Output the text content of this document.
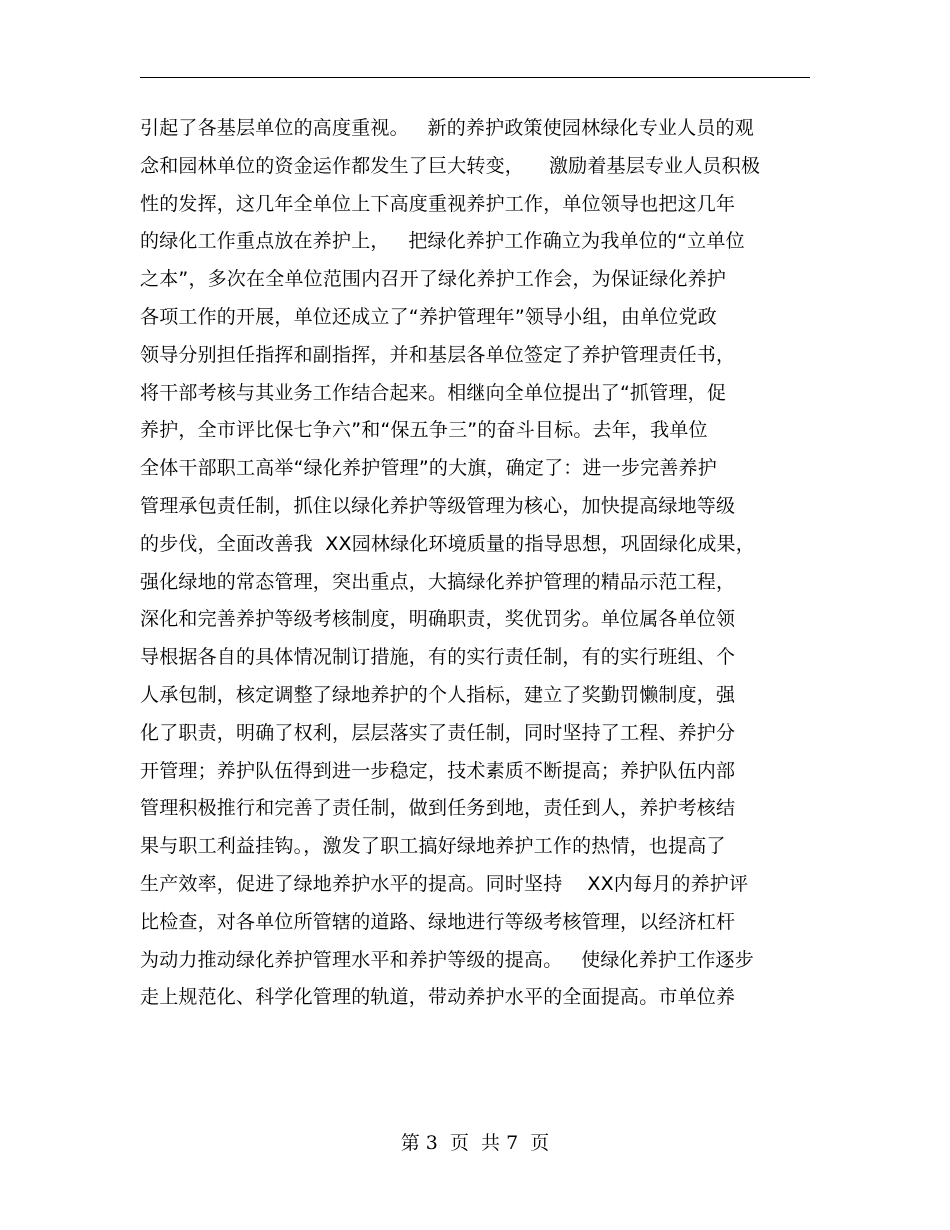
引起了各基层单位的高度重视。   新的养护政策使园林绿化专业人员的观
念和园林单位的资金运作都发生了巨大转变，    激励着基层专业人员积极
性的发挥，这几年全单位上下高度重视养护工作，单位领导也把这几年
的绿化工作重点放在养护上，   把绿化养护工作确立为我单位的“立单位
之本”，多次在全单位范围内召开了绿化养护工作会，为保证绿化养护
各项工作的开展，单位还成立了“养护管理年”领导小组，由单位党政
领导分别担任指挥和副指挥，并和基层各单位签定了养护管理责任书，
将干部考核与其业务工作结合起来。相继向全单位提出了“抓管理，促
养护，全市评比保七争六”和“保五争三”的奋斗目标。去年，我单位
全体干部职工高举“绿化养护管理”的大旗，确定了：进一步完善养护
管理承包责任制，抓住以绿化养护等级管理为核心，加快提高绿地等级
的步伐，全面改善我  XX园林绿化环境质量的指导思想，巩固绿化成果，
强化绿地的常态管理，突出重点，大搞绿化养护管理的精品示范工程，
深化和完善养护等级考核制度，明确职责，奖优罚劣。单位属各单位领
导根据各自的具体情况制订措施，有的实行责任制，有的实行班组、个
人承包制，核定调整了绿地养护的个人指标，建立了奖勤罚懒制度，强
化了职责，明确了权利，层层落实了责任制，同时坚持了工程、养护分
开管理；养护队伍得到进一步稳定，技术素质不断提高；养护队伍内部
管理积极推行和完善了责任制，做到任务到地，责任到人，养护考核结
果与职工利益挂钩。，激发了职工搞好绿地养护工作的热情，也提高了
生产效率，促进了绿地养护水平的提高。同时坚持    XX内每月的养护评
比检查，对各单位所管辖的道路、绿地进行等级考核管理，以经济杠杆
为动力推动绿化养护管理水平和养护等级的提高。   使绿化养护工作逐步
走上规范化、科学化管理的轨道，带动养护水平的全面提高。市单位养
第 3  页  共 7  页
